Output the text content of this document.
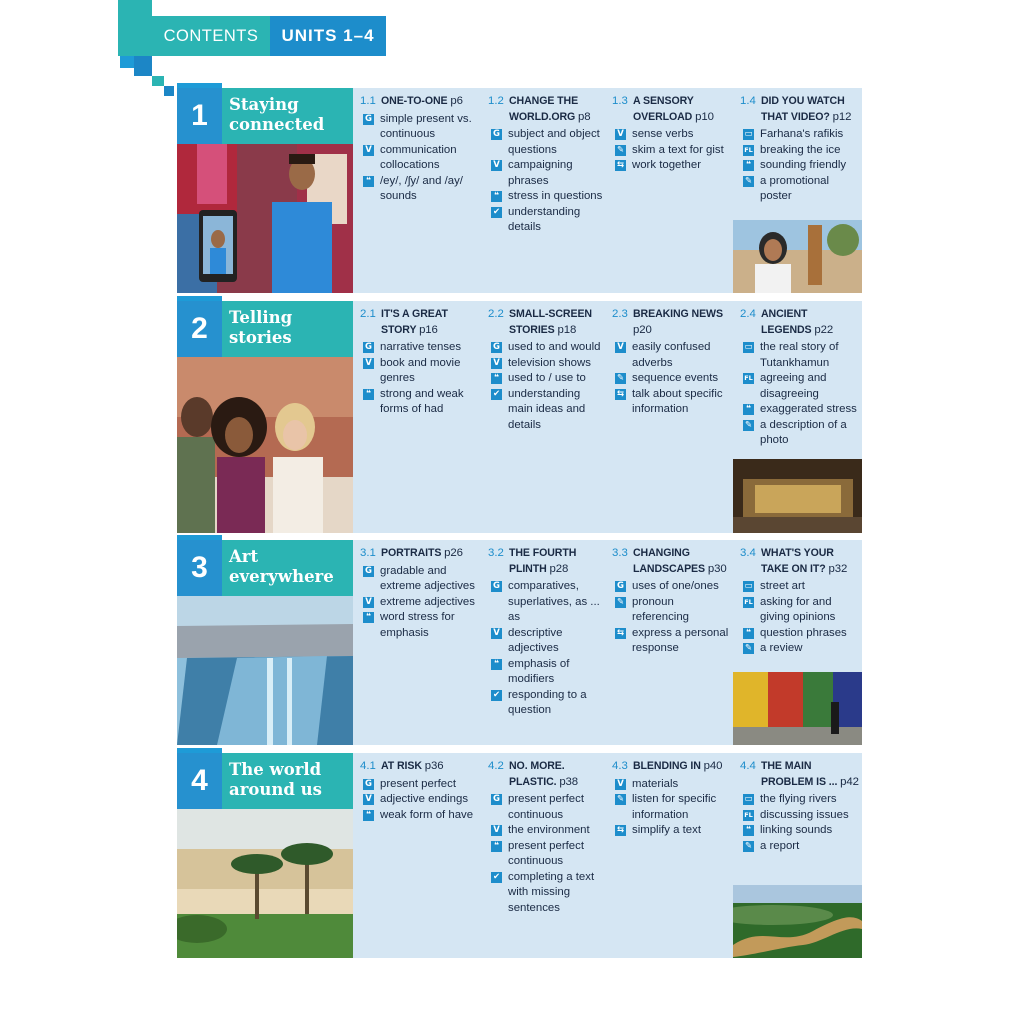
CONTENTS	UNITS 1–4
1	Staying
connected
1.1 ONE-TO-ONE p6
G simple present vs. continuous
V communication collocations
❝ /ey/, /ʃy/ and /ay/ sounds
1.2 CHANGE THE WORLD.ORG p8
G subject and object questions
V campaigning phrases
❝ stress in questions
✔ understanding details
1.3 A SENSORY OVERLOAD p10
V sense verbs
✎ skim a text for gist
⇆ work together
1.4 DID YOU WATCH THAT VIDEO? p12
▭ Farhana's rafikis
FL breaking the ice
❝ sounding friendly
✎ a promotional poster
2	Telling
stories
2.1 IT'S A GREAT STORY p16
G narrative tenses
V book and movie genres
❝ strong and weak forms of had
2.2 SMALL-SCREEN STORIES p18
G used to and would
V television shows
❝ used to / use to
✔ understanding main ideas and details
2.3 BREAKING NEWS p20
V easily confused adverbs
✎ sequence events
⇆ talk about specific information
2.4 ANCIENT LEGENDS p22
▭ the real story of Tutankhamun
FL agreeing and disagreeing
❝ exaggerated stress
✎ a description of a photo
3	Art
everywhere
3.1 PORTRAITS p26
G gradable and extreme adjectives
V extreme adjectives
❝ word stress for emphasis
3.2 THE FOURTH PLINTH p28
G comparatives, superlatives, as ... as
V descriptive adjectives
❝ emphasis of modifiers
✔ responding to a question
3.3 CHANGING LANDSCAPES p30
G uses of one/ones
✎ pronoun referencing
⇆ express a personal response
3.4 WHAT'S YOUR TAKE ON IT? p32
▭ street art
FL asking for and giving opinions
❝ question phrases
✎ a review
4	The world
around us
4.1 AT RISK p36
G present perfect
V adjective endings
❝ weak form of have
4.2 NO. MORE. PLASTIC. p38
G present perfect continuous
V the environment
❝ present perfect continuous
✔ completing a text with missing sentences
4.3 BLENDING IN p40
V materials
✎ listen for specific information
⇆ simplify a text
4.4 THE MAIN PROBLEM IS ... p42
▭ the flying rivers
FL discussing issues
❝ linking sounds
✎ a report
